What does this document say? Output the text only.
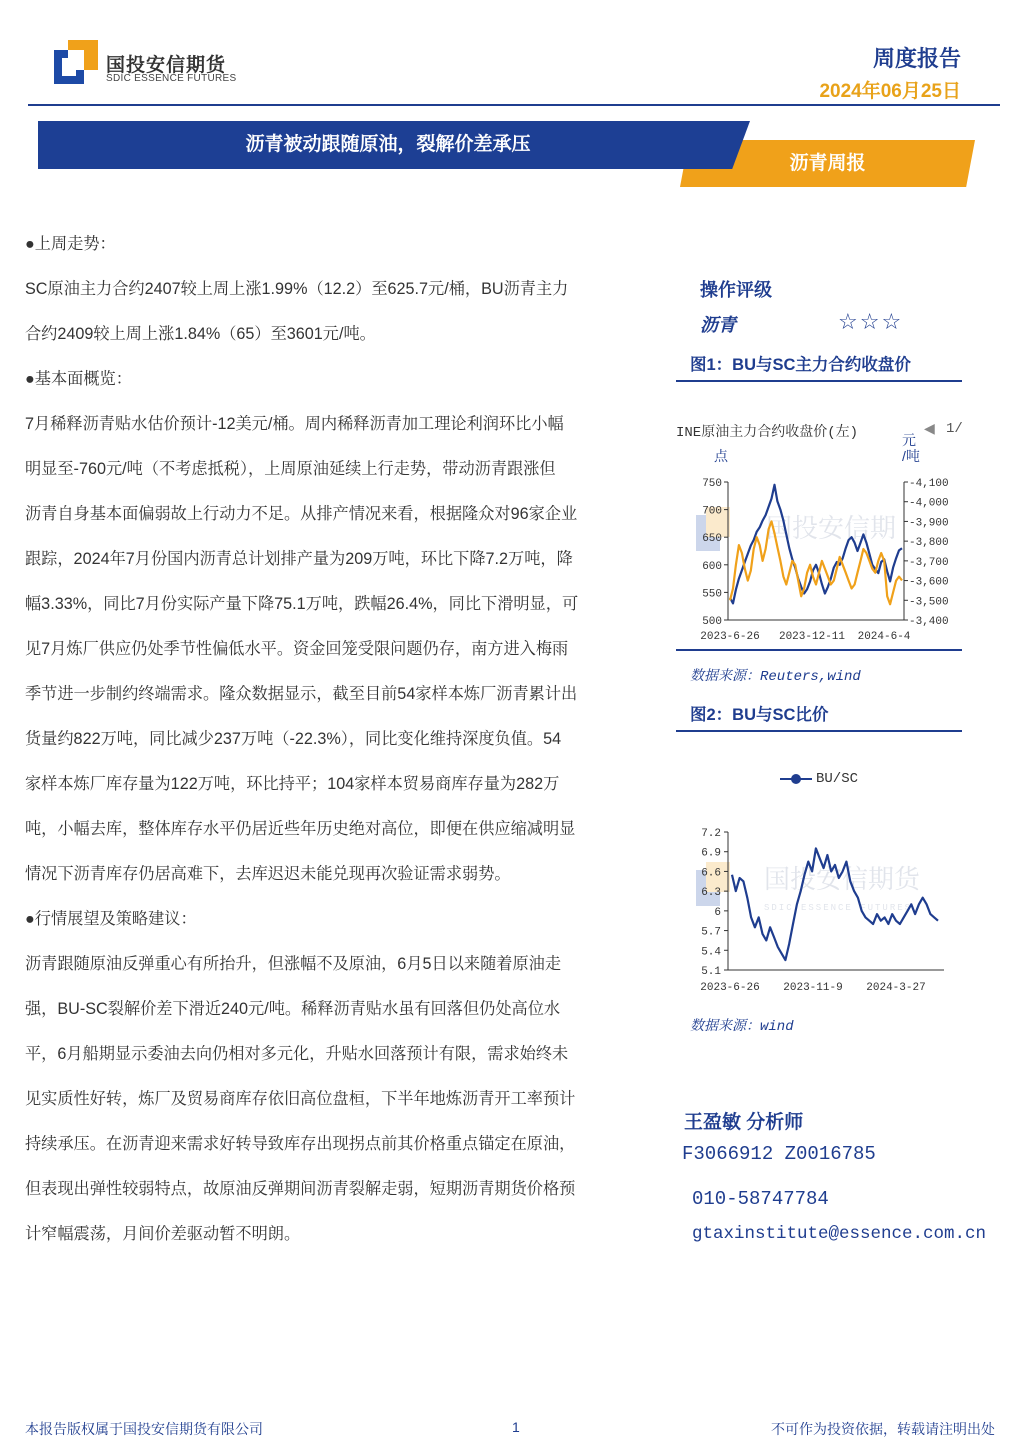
国投安信期货
SDIC ESSENCE FUTURES
周度报告
2024年06月25日
沥青被动跟随原油，裂解价差承压
沥青周报
●上周走势：
SC原油主力合约2407较上周上涨1.99%（12.2）至625.7元/桶，BU沥青主力
合约2409较上周上涨1.84%（65）至3601元/吨。
●基本面概览：
7月稀释沥青贴水估价预计-12美元/桶。周内稀释沥青加工理论利润环比小幅
明显至-760元/吨（不考虑抵税），上周原油延续上行走势，带动沥青跟涨但
沥青自身基本面偏弱故上行动力不足。从排产情况来看，根据隆众对96家企业
跟踪，2024年7月份国内沥青总计划排产量为209万吨，环比下降7.2万吨，降
幅3.33%，同比7月份实际产量下降75.1万吨，跌幅26.4%，同比下滑明显，可
见7月炼厂供应仍处季节性偏低水平。资金回笼受限问题仍存，南方进入梅雨
季节进一步制约终端需求。隆众数据显示，截至目前54家样本炼厂沥青累计出
货量约822万吨，同比减少237万吨（-22.3%），同比变化维持深度负值。54
家样本炼厂库存量为122万吨，环比持平；104家样本贸易商库存量为282万
吨，小幅去库，整体库存水平仍居近些年历史绝对高位，即便在供应缩减明显
情况下沥青库存仍居高难下，去库迟迟未能兑现再次验证需求弱势。
●行情展望及策略建议：
沥青跟随原油反弹重心有所抬升，但涨幅不及原油，6月5日以来随着原油走
强，BU-SC裂解价差下滑近240元/吨。稀释沥青贴水虽有回落但仍处高位水
平，6月船期显示委油去向仍相对多元化，升贴水回落预计有限，需求始终未
见实质性好转，炼厂及贸易商库存依旧高位盘桓，下半年地炼沥青开工率预计
持续承压。在沥青迎来需求好转导致库存出现拐点前其价格重点锚定在原油，
但表现出弹性较弱特点，故原油反弹期间沥青裂解走弱，短期沥青期货价格预
计窄幅震荡，月间价差驱动暂不明朗。
操作评级
沥青	☆☆☆
图1：BU与SC主力合约收盘价
INE原油主力合约收盘价(左)	◀ 1/
点
元
/吨
国投安信期
500
550
600
650
700
750
-3,400
-3,500
-3,600
-3,700
-3,800
-3,900
-4,000
-4,100
2023-6-26 2023-12-11 2024-6-4
数据来源：Reuters,wind
图2：BU与SC比价
BU/SC
国投安信期货
SDIC ESSENCE FUTURES
5.1
5.4
5.7
6
6.3
6.6
6.9
7.2
2023-6-26 2023-11-9 2024-3-27
数据来源：wind
王盈敏 分析师
F3066912 Z0016785
010-58747784
gtaxinstitute@essence.com.cn
本报告版权属于国投安信期货有限公司	1	不可作为投资依据，转载请注明出处
